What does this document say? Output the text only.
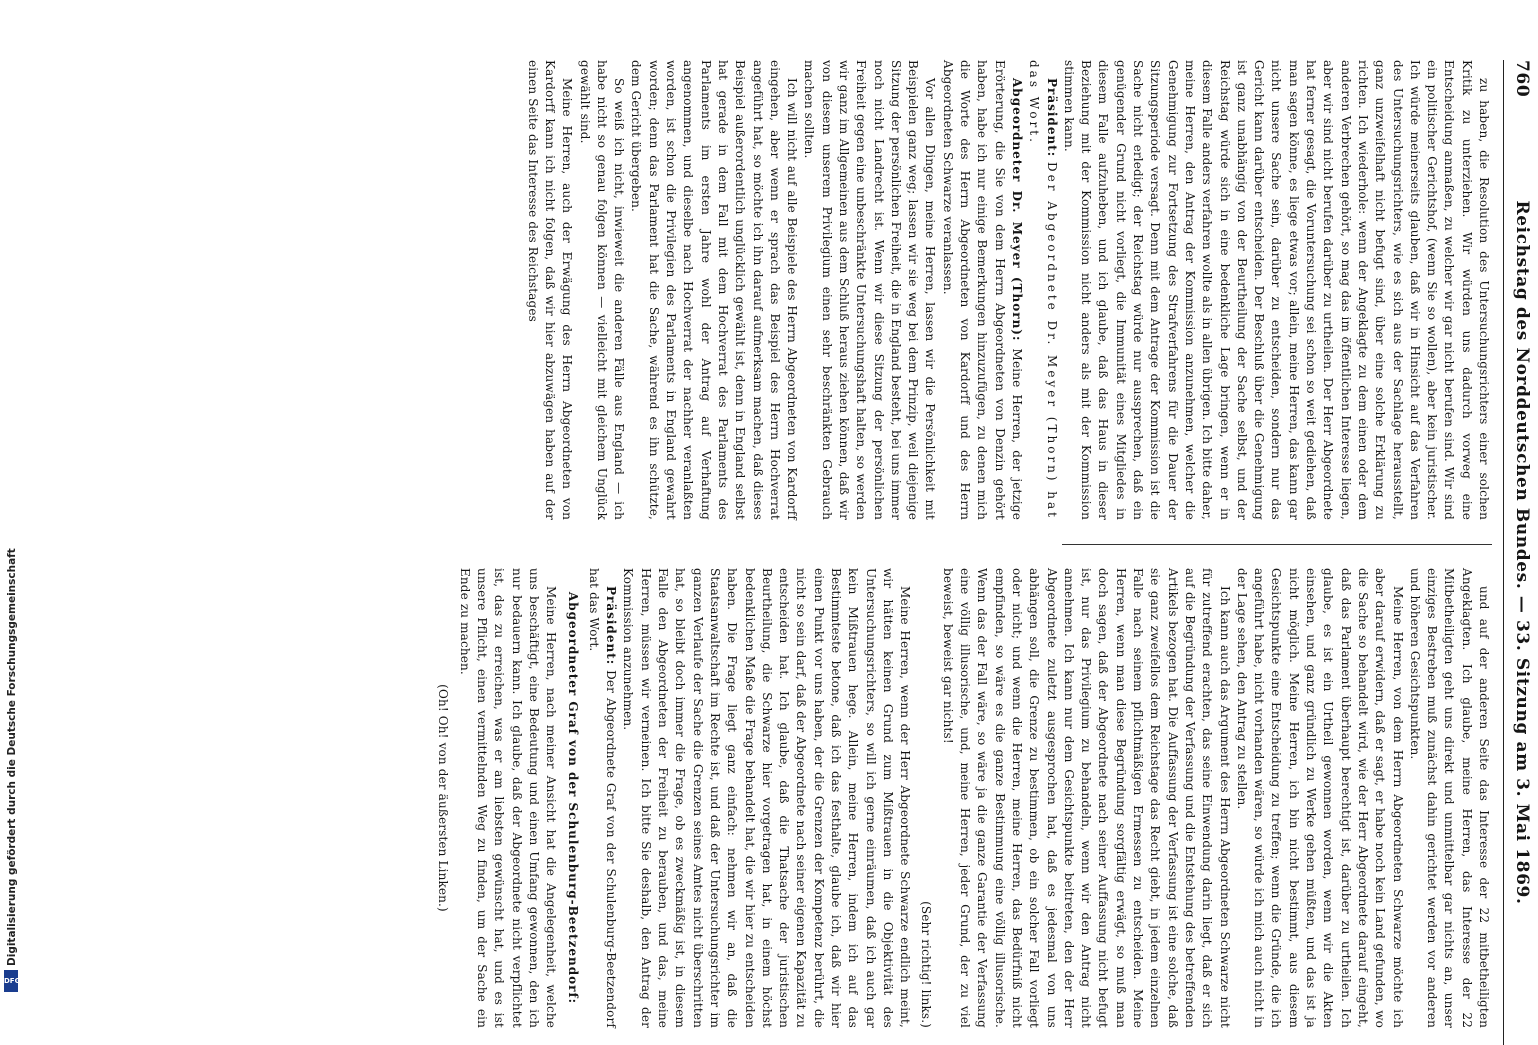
760
Reichstag des Norddeutschen Bundes. — 33. Sitzung am 3. Mai 1869.

zu haben, die Resolution des Untersuchungsrichters einer solchen Kritik zu unterziehen. Wir würden uns dadurch vorweg eine Entscheidung anmaßen, zu welcher wir gar nicht berufen sind. Wir sind ein politischer Gerichtshof, (wenn Sie so wollen), aber kein juristischer. Ich würde meinerseits glauben, daß wir in Hinsicht auf das Verfahren des Untersuchungsrichters, wie es sich aus der Sachlage herausstellt, ganz unzweifelhaft nicht befugt sind, über eine solche Erklärung zu richten. Ich wiederhole: wenn der Angeklagte zu dem einen oder dem anderen Verbrechen gehört, so mag das im öffentlichen Interesse liegen, aber wir sind nicht berufen darüber zu urtheilen. Der Herr Abgeordnete hat ferner gesagt, die Voruntersuchung sei schon so weit gediehen, daß man sagen könne, es liege etwas vor; allein, meine Herren, das kann gar nicht unsere Sache sein, darüber zu entscheiden, sondern nur das Gericht kann darüber entscheiden. Der Beschluß über die Genehmigung ist ganz unabhängig von der Beurtheilung der Sache selbst, und der Reichstag würde sich in eine bedenkliche Lage bringen, wenn er in diesem Falle anders verfahren wollte als in allen übrigen. Ich bitte daher, meine Herren, den Antrag der Kommission anzunehmen, welcher die Genehmigung zur Fortsetzung des Strafverfahrens für die Dauer der Sitzungsperiode versagt. Denn mit dem Antrage der Kommission ist die Sache nicht erledigt; der Reichstag würde nur aussprechen, daß ein genügender Grund nicht vorliegt, die Immunität eines Mitgliedes in diesem Falle aufzuheben, und ich glaube, daß das Haus in dieser Beziehung mit der Kommission nicht anders als mit der Kommission stimmen kann.

Präsident: Der Abgeordnete Dr. Meyer (Thorn) hat das Wort.

Abgeordneter Dr. Meyer (Thorn): Meine Herren, der jetzige Erörterung, die Sie von dem Herrn Abgeordneten von Denzin gehört haben, habe ich nur einige Bemerkungen hinzuzufügen, zu denen mich die Worte des Herrn Abgeordneten von Kardorff und des Herrn Abgeordneten Schwarze veranlassen.

Vor allen Dingen, meine Herren, lassen wir die Persönlichkeit mit Beispielen ganz weg; lassen wir sie weg bei dem Prinzip, weil diejenige Sitzung der persönlichen Freiheit, die in England besteht, bei uns immer noch nicht Landrecht ist. Wenn wir diese Sitzung der persönlichen Freiheit gegen eine unbeschränkte Untersuchungshaft halten, so werden wir ganz im Allgemeinen aus dem Schluß heraus ziehen können, daß wir von diesem unserem Privilegium einen sehr beschränkten Gebrauch machen sollten.

Ich will nicht auf alle Beispiele des Herrn Abgeordneten von Kardorff eingehen, aber wenn er sprach das Beispiel des Herrn Hochverrat angeführt hat, so möchte ich ihn darauf aufmerksam machen, daß dieses Beispiel außerordentlich unglücklich gewählt ist, denn in England selbst hat gerade in dem Fall mit dem Hochverrat des Parlaments des Parlaments im ersten Jahre wohl der Antrag auf Verhaftung angenommen, und dieselbe nach Hochverrat der nachher veranlaßten worden, ist schon die Privilegien des Parlaments in England gewahrt worden; denn das Parlament hat die Sache, während es ihn schützte, dem Gericht übergeben.

So weiß ich nicht, inwieweit die anderen Fälle aus England — ich habe nicht so genau folgen können — vielleicht mit gleichem Unglück gewählt sind.

Meine Herren, auch der Erwägung des Herrn Abgeordneten von Kardorff kann ich nicht folgen, daß wir hier abzuwägen haben auf der einen Seite das Interesse des Reichstages

und auf der anderen Seite das Interesse der 22 mitbetheiligten Angeklagten. Ich glaube, meine Herren, das Interesse der 22 Mitbetheiligten geht uns direkt und unmittelbar gar nichts an, unser einziges Bestreben muß zunächst dahin gerichtet werden vor anderen und höheren Gesichtspunkten.

Meine Herren, von dem Herrn Abgeordneten Schwarze möchte ich aber darauf erwidern, daß er sagt, er habe noch kein Land gefunden, wo die Sache so behandelt wird, wie der Herr Abgeordnete darauf eingeht, daß das Parlament überhaupt berechtigt ist, darüber zu urtheilen. Ich glaube, es ist ein Urtheil gewonnen worden, wenn wir die Akten einsehen, und ganz gründlich zu Werke gehen müßten, und das ist ja nicht möglich. Meine Herren, ich bin nicht bestimmt, aus diesem Gesichtspunkte eine Entscheidung zu treffen; wenn die Gründe, die ich angeführt habe, nicht vorhanden wären, so würde ich mich auch nicht in der Lage sehen, den Antrag zu stellen.

Ich kann auch das Argument des Herrn Abgeordneten Schwarze nicht für zutreffend erachten, das seine Einwendung darin liegt, daß er sich auf die Begründung der Verfassung und die Entstehung des betreffenden Artikels bezogen hat. Die Auffassung der Verfassung ist eine solche, daß sie ganz zweifellos dem Reichstage das Recht giebt, in jedem einzelnen Falle nach seinem pflichtmäßigen Ermessen zu entscheiden. Meine Herren, wenn man diese Begründung sorgfältig erwägt, so muß man doch sagen, daß der Abgeordnete nach seiner Auffassung nicht befugt ist, nur das Privilegium zu behandeln, wenn wir den Antrag nicht annehmen. Ich kann nur dem Gesichtspunkte beitreten, den der Herr Abgeordnete zuletzt ausgesprochen hat, daß es jedesmal von uns abhängen soll, die Grenze zu bestimmen, ob ein solcher Fall vorliegt oder nicht; und wenn die Herren, meine Herren, das Bedürfniß nicht empfinden, so wäre es die ganze Bestimmung eine völlig illusorische. Wenn das der Fall wäre, so wäre ja die ganze Garantie der Verfassung eine völlig illusorische, und, meine Herren, jeder Grund, der zu viel beweist, beweist gar nichts!

(Sehr richtig! links.)

Meine Herren, wenn der Herr Abgeordnete Schwarze endlich meint, wir hätten keinen Grund zum Mißtrauen in die Objektivität des Untersuchungsrichters, so will ich gerne einräumen, daß ich auch gar kein Mißtrauen hege. Allein, meine Herren, indem ich auf das Bestimmteste betone, daß ich das festhalte, glaube ich, daß wir hier einen Punkt vor uns haben, der die Grenzen der Kompetenz berührt, die nicht so sein darf, daß der Abgeordnete nach seiner eigenen Kapazität zu entscheiden hat. Ich glaube, daß die Thatsache der juristischen Beurtheilung, die Schwarze hier vorgetragen hat, in einem höchst bedenklichen Maße die Frage behandelt hat, die wir hier zu entscheiden haben. Die Frage liegt ganz einfach: nehmen wir an, daß die Staatsanwaltschaft im Rechte ist, und daß der Untersuchungsrichter im ganzen Verlaufe der Sache die Grenzen seines Amtes nicht überschritten hat, so bleibt doch immer die Frage, ob es zweckmäßig ist, in diesem Falle den Abgeordneten der Freiheit zu berauben, und das, meine Herren, müssen wir verneinen. Ich bitte Sie deshalb, den Antrag der Kommission anzunehmen.

Präsident: Der Abgeordnete Graf von der Schulenburg-Beetzendorf hat das Wort.

Abgeordneter Graf von der Schulenburg-Beetzendorf:

Meine Herren, nach meiner Ansicht hat die Angelegenheit, welche uns beschäftigt, eine Bedeutung und einen Umfang gewonnen, den ich nur bedauern kann. Ich glaube, daß der Abgeordnete nicht verpflichtet ist, das zu erreichen, was er am liebsten gewünscht hat, und es ist unsere Pflicht, einen vermittelnden Weg zu finden, um der Sache ein Ende zu machen.

(Oh! Oh! von der äußersten Linken.)

Digitalisierung gefördert durch die Deutsche Forschungsgemeinschaft
DFG
